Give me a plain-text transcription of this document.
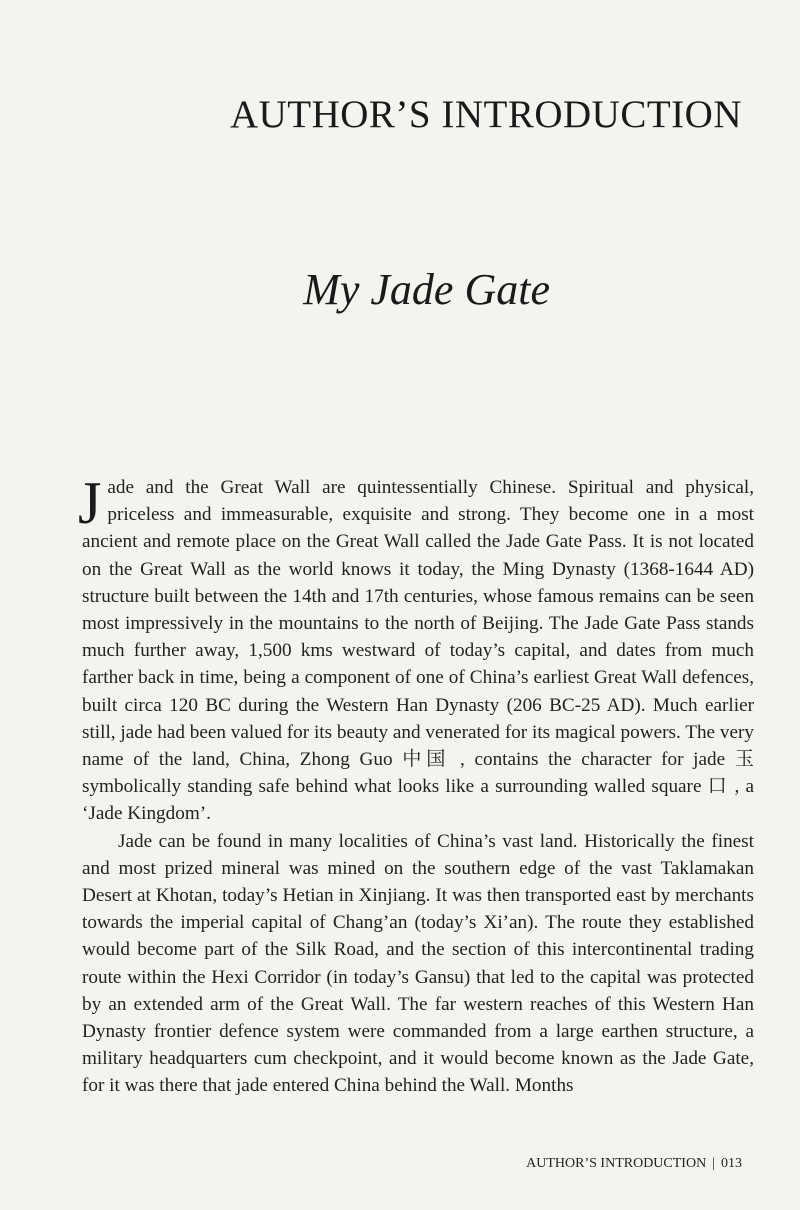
AUTHOR’S INTRODUCTION
My Jade Gate

Jade and the Great Wall are quintessentially Chinese. Spiritual and physical, priceless and immeasurable, exquisite and strong. They become one in a most ancient and remote place on the Great Wall called the Jade Gate Pass. It is not located on the Great Wall as the world knows it today, the Ming Dynasty (1368-1644 AD) structure built between the 14th and 17th centuries, whose famous remains can be seen most impressively in the mountains to the north of Beijing. The Jade Gate Pass stands much further away, 1,500 kms westward of today’s capital, and dates from much farther back in time, being a component of one of China’s earliest Great Wall defences, built circa 120 BC during the Western Han Dynasty (206 BC-25 AD). Much earlier still, jade had been valued for its beauty and venerated for its magical powers. The very name of the land, China, Zhong Guo 中国 , contains the character for jade 玉 symbolically standing safe behind what looks like a surrounding walled square 口 , a ‘Jade Kingdom’.

Jade can be found in many localities of China’s vast land. Historically the finest and most prized mineral was mined on the southern edge of the vast Taklamakan Desert at Khotan, today’s Hetian in Xinjiang. It was then transported east by merchants towards the imperial capital of Chang’an (today’s Xi’an). The route they established would become part of the Silk Road, and the section of this intercontinental trading route within the Hexi Corridor (in today’s Gansu) that led to the capital was protected by an extended arm of the Great Wall. The far western reaches of this Western Han Dynasty frontier defence system were commanded from a large earthen structure, a military headquarters cum checkpoint, and it would become known as the Jade Gate, for it was there that jade entered China behind the Wall. Months

AUTHOR’S INTRODUCTION | 013
